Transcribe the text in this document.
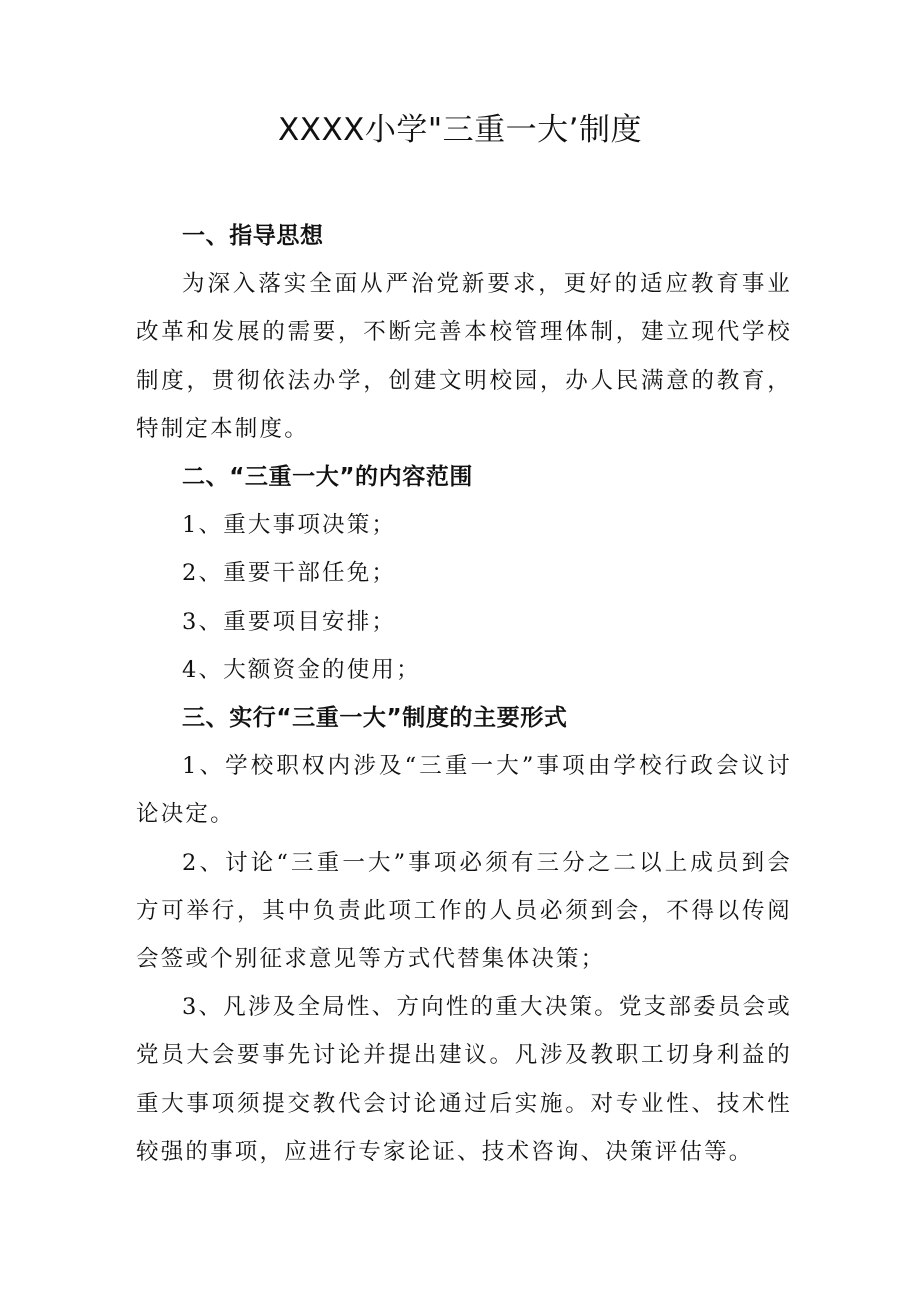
XXXX小学"三重一大’制度
一、指导思想

为深入落实全面从严治党新要求，更好的适应教育事业改革和发展的需要，不断完善本校管理体制，建立现代学校制度，贯彻依法办学，创建文明校园，办人民满意的教育，特制定本制度。

二、“三重一大”的内容范围

1、重大事项决策；

2、重要干部任免；

3、重要项目安排；

4、大额资金的使用；

三、实行“三重一大”制度的主要形式

1、学校职权内涉及“三重一大”事项由学校行政会议讨论决定。

2、讨论“三重一大”事项必须有三分之二以上成员到会方可举行，其中负责此项工作的人员必须到会，不得以传阅会签或个别征求意见等方式代替集体决策；

3、凡涉及全局性、方向性的重大决策。党支部委员会或党员大会要事先讨论并提出建议。凡涉及教职工切身利益的重大事项须提交教代会讨论通过后实施。对专业性、技术性较强的事项，应进行专家论证、技术咨询、决策评估等。
